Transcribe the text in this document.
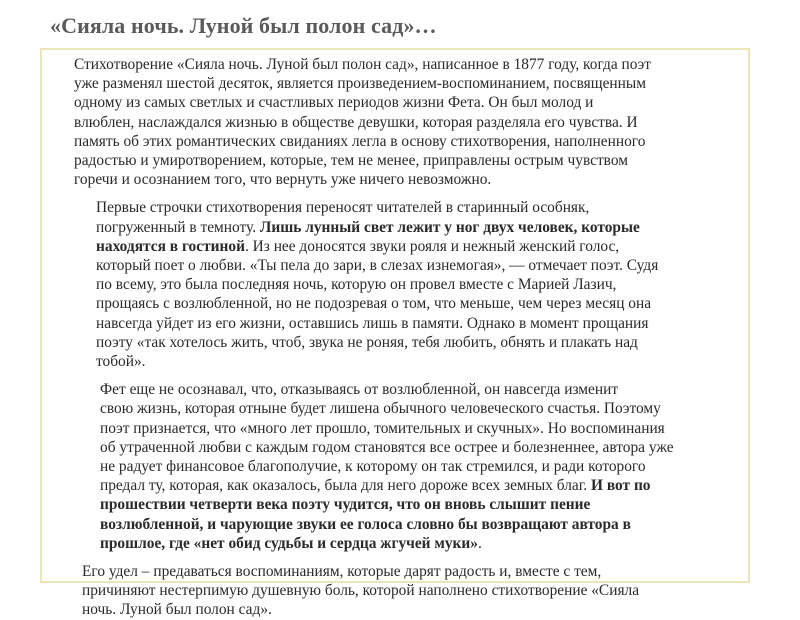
«Сияла ночь. Луной был полон сад»…

Стихотворение «Сияла ночь. Луной был полон сад», написанное в 1877 году, когда поэт
уже разменял шестой десяток, является произведением-воспоминанием, посвященным
одному из самых светлых и счастливых периодов жизни Фета. Он был молод и
влюблен, наслаждался жизнью в обществе девушки, которая разделяла его чувства. И
память об этих романтических свиданиях легла в основу стихотворения, наполненного
радостью и умиротворением, которые, тем не менее, приправлены острым чувством
горечи и осознанием того, что вернуть уже ничего невозможно.

Первые строчки стихотворения переносят читателей в старинный особняк,
погруженный в темноту. Лишь лунный свет лежит у ног двух человек, которые
находятся в гостиной. Из нее доносятся звуки рояля и нежный женский голос,
который поет о любви. «Ты пела до зари, в слезах изнемогая», — отмечает поэт. Судя
по всему, это была последняя ночь, которую он провел вместе с Марией Лазич,
прощаясь с возлюбленной, но не подозревая о том, что меньше, чем через месяц она
навсегда уйдет из его жизни, оставшись лишь в памяти. Однако в момент прощания
поэту «так хотелось жить, чтоб, звука не роняя, тебя любить, обнять и плакать над
тобой».

Фет еще не осознавал, что, отказываясь от возлюбленной, он навсегда изменит
свою жизнь, которая отныне будет лишена обычного человеческого счастья. Поэтому
поэт признается, что «много лет прошло, томительных и скучных». Но воспоминания
об утраченной любви с каждым годом становятся все острее и болезненнее, автора уже
не радует финансовое благополучие, к которому он так стремился, и ради которого
предал ту, которая, как оказалось, была для него дороже всех земных благ. И вот по
прошествии четверти века поэту чудится, что он вновь слышит пение
возлюбленной, и чарующие звуки ее голоса словно бы возвращают автора в
прошлое, где «нет обид судьбы и сердца жгучей муки».

Его удел – предаваться воспоминаниям, которые дарят радость и, вместе с тем,
причиняют нестерпимую душевную боль, которой наполнено стихотворение «Сияла
ночь. Луной был полон сад».
